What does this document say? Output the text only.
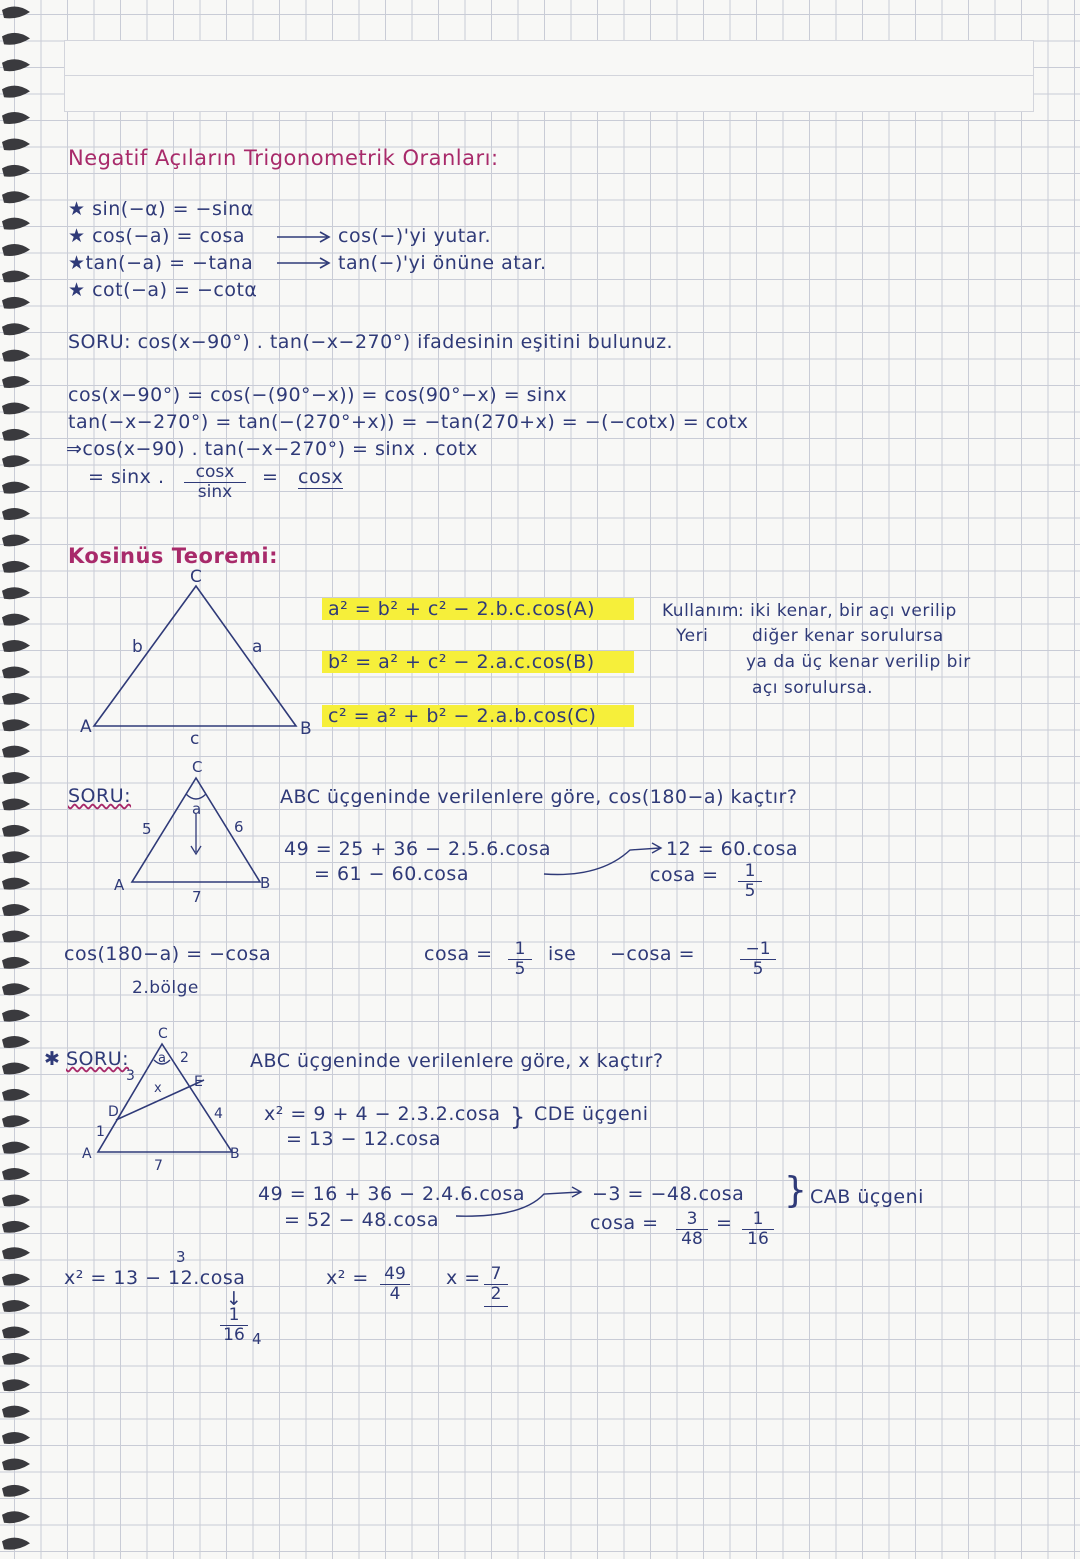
Negatif Açıların Trigonometrik Oranları:
★ sin(−α) = −sinα
★ cos(−a) = cosa
★tan(−a) = −tana
★ cot(−a) = −cotα
cos(−)'yi yutar.
tan(−)'yi önüne atar.
SORU: cos(x−90°) . tan(−x−270°) ifadesinin eşitini bulunuz.
cos(x−90°) = cos(−(90°−x)) = cos(90°−x) = sinx
tan(−x−270°) = tan(−(270°+x)) = −tan(270+x) = −(−cotx) = cotx
⇒cos(x−90) . tan(−x−270°) = sinx . cotx
= sinx . $\frac{\cos x}{\sin x} = \cos x$
Kosinüs Teoremi:
C
A	B
b	a
c
a² = b² + c² − 2.b.c.cos(A)
b² = a² + c² − 2.a.c.cos(B)
c² = a² + b² − 2.a.b.cos(C)
Kullanım
Yeri
: iki kenar, bir açı verilip
diğer kenar sorulursa
ya da üç kenar verilip bir
açı sorulursa.
SORU:
C
a
A	B
5	6
7
ABC üçgeninde verilenlere göre, cos(180−a) kaçtır?
49 = 25 + 36 − 2.5.6.cosa
= 61 − 60.cosa
12 = 60.cosa
$\cos a = \frac{1}{5}$
cos(180−a) = −cosa
2.bölge
$\cos a = \frac{1}{5}$ ise −cosa =	$\frac{-1}{5}$
✱ SORU:
C
a
3
2
x
D
E
4
1
A	B
7
ABC üçgeninde verilenlere göre, x kaçtır?
x² = 9 + 4 − 2.3.2.cosa
= 13 − 12.cosa
} CDE üçgeni
49 = 16 + 36 − 2.4.6.cosa
= 52 − 48.cosa
−3 = −48.cosa
$\cos a = \frac{3}{48} = \frac{1}{16}$
} CAB üçgeni
x² = 13 − 12.cosa
3
↓
$\frac{1}{16} 4$
$x^2 = \frac{49}{4}$ $x = \frac{7}{2}$
